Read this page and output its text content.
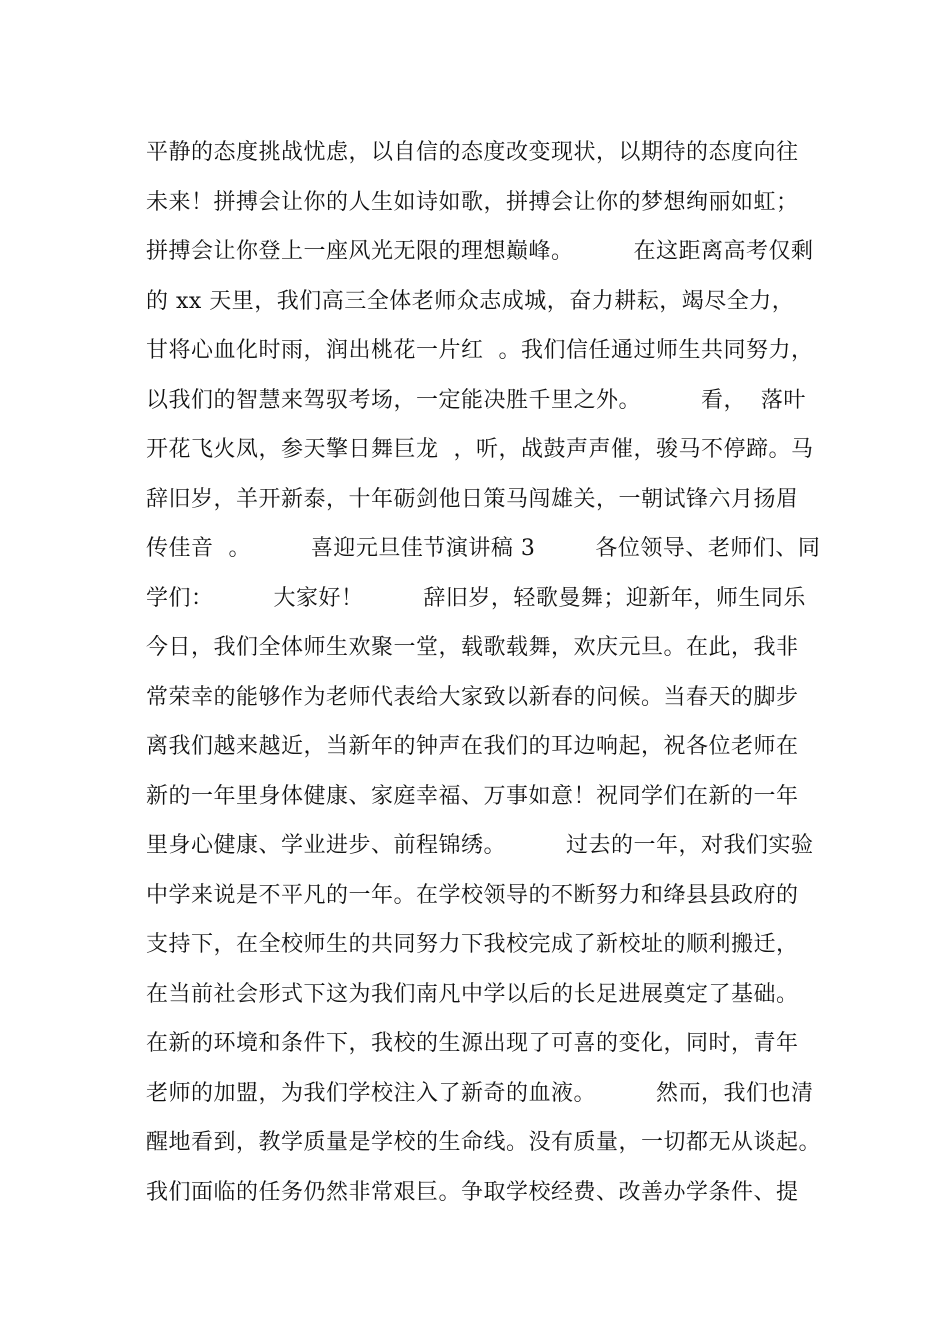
平静的态度挑战忧虑，以自信的态度改变现状，以期待的态度向往
未来！拼搏会让你的人生如诗如歌，拼搏会让你的梦想绚丽如虹；
拼搏会让你登上一座风光无限的理想巅峰。        在这距离高考仅剩
的 xx 天里，我们高三全体老师众志成城，奋力耕耘，竭尽全力，
甘将心血化时雨，润出桃花一片红  。我们信任通过师生共同努力，
以我们的智慧来驾驭考场，一定能决胜千里之外。        看，  落叶
开花飞火凤，参天擎日舞巨龙  ，听，战鼓声声催，骏马不停蹄。马
辞旧岁，羊开新泰，十年砺剑他日策马闯雄关，一朝试锋六月扬眉
传佳音  。        喜迎元旦佳节演讲稿 3        各位领导、老师们、同
学们：        大家好！        辞旧岁，轻歌曼舞；迎新年，师生同乐
今日，我们全体师生欢聚一堂，载歌载舞，欢庆元旦。在此，我非
常荣幸的能够作为老师代表给大家致以新春的问候。当春天的脚步
离我们越来越近，当新年的钟声在我们的耳边响起，祝各位老师在
新的一年里身体健康、家庭幸福、万事如意！祝同学们在新的一年
里身心健康、学业进步、前程锦绣。        过去的一年，对我们实验
中学来说是不平凡的一年。在学校领导的不断努力和绛县县政府的
支持下，在全校师生的共同努力下我校完成了新校址的顺利搬迁，
在当前社会形式下这为我们南凡中学以后的长足进展奠定了基础。
在新的环境和条件下，我校的生源出现了可喜的变化，同时，青年
老师的加盟，为我们学校注入了新奇的血液。        然而，我们也清
醒地看到，教学质量是学校的生命线。没有质量，一切都无从谈起。
我们面临的任务仍然非常艰巨。争取学校经费、改善办学条件、提
